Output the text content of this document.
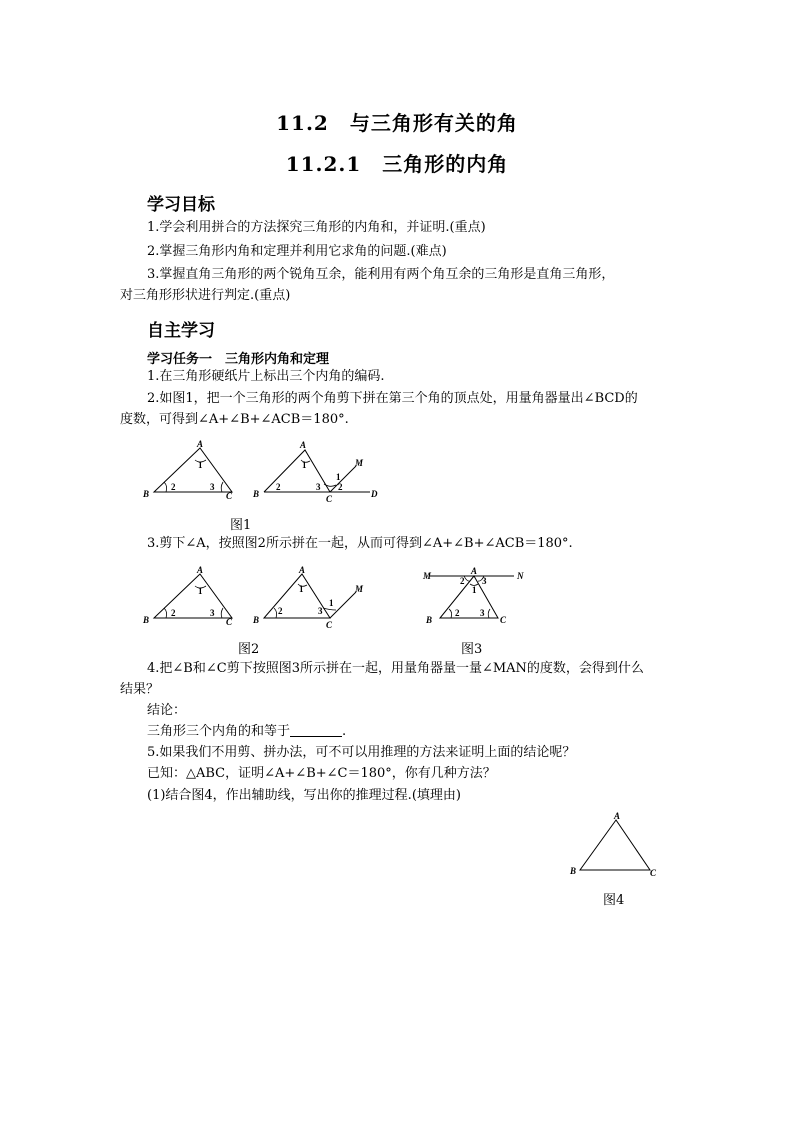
11.2　与三角形有关的角
11.2.1　三角形的内角
学习目标
1.学会利用拼合的方法探究三角形的内角和，并证明.(重点)
2.掌握三角形内角和定理并利用它求角的问题.(难点)
3.掌握直角三角形的两个锐角互余，能利用有两个角互余的三角形是直角三角形，
对三角形形状进行判定.(重点)
自主学习
学习任务一　三角形内角和定理
1.在三角形硬纸片上标出三个内角的编码.
2.如图1，把一个三角形的两个角剪下拼在第三个角的顶点处，用量角器量出∠BCD的
度数，可得到∠A+∠B+∠ACB＝180°.
A
B	C
1
2	3
A
B	C	D
M
1
1
2	2
3
图1
3.剪下∠A，按照图2所示拼在一起，从而可得到∠A+∠B+∠ACB＝180°.
A
B	C
1
2	3
A
B	C
M
1
1
2	3
图2
A
M	N
B	C
2 3
1
2 3
图3
4.把∠B和∠C剪下按照图3所示拼在一起，用量角器量一量∠MAN的度数，会得到什么
结果？
结论：
三角形三个内角的和等于	.
5.如果我们不用剪、拼办法，可不可以用推理的方法来证明上面的结论呢？
已知：△ABC，证明∠A+∠B+∠C＝180°，你有几种方法？
(1)结合图4，作出辅助线，写出你的推理过程.(填理由)
A
B	C
图4
